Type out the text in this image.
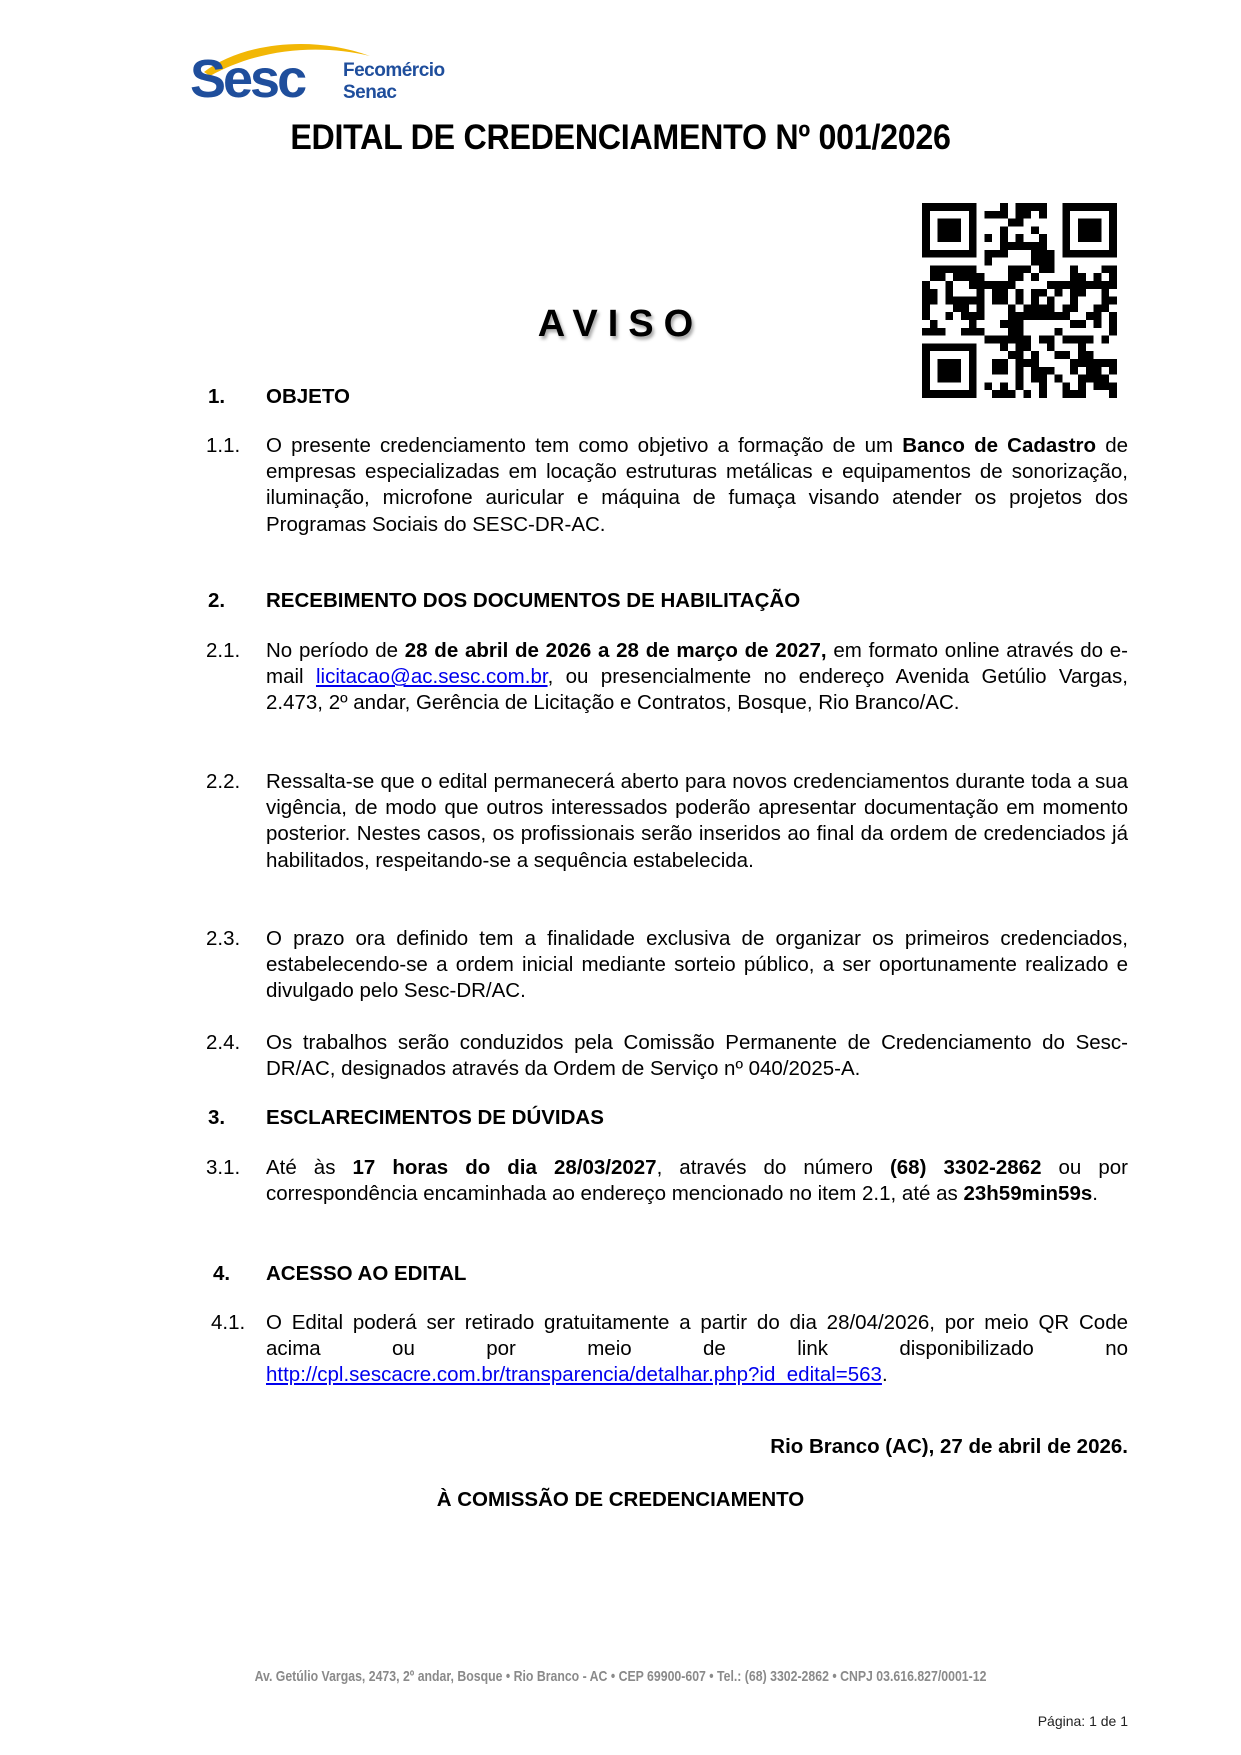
Sesc Fecomércio
Senac
EDITAL DE CREDENCIAMENTO Nº 001/2026
AVISO
1. OBJETO
1.1. O presente credenciamento tem como objetivo a formação de um Banco de Cadastro de empresas especializadas em locação estruturas metálicas e equipamentos de sonorização, iluminação, microfone auricular e máquina de fumaça visando atender os projetos dos Programas Sociais do SESC-DR-AC.
2. RECEBIMENTO DOS DOCUMENTOS DE HABILITAÇÃO
2.1. No período de 28 de abril de 2026 a 28 de março de 2027, em formato online através do e-mail licitacao@ac.sesc.com.br, ou presencialmente no endereço Avenida Getúlio Vargas, 2.473, 2º andar, Gerência de Licitação e Contratos, Bosque, Rio Branco/AC.
2.2. Ressalta-se que o edital permanecerá aberto para novos credenciamentos durante toda a sua vigência, de modo que outros interessados poderão apresentar documentação em momento posterior. Nestes casos, os profissionais serão inseridos ao final da ordem de credenciados já habilitados, respeitando-se a sequência estabelecida.
2.3. O prazo ora definido tem a finalidade exclusiva de organizar os primeiros credenciados, estabelecendo-se a ordem inicial mediante sorteio público, a ser oportunamente realizado e divulgado pelo Sesc-DR/AC.
2.4. Os trabalhos serão conduzidos pela Comissão Permanente de Credenciamento do Sesc-DR/AC, designados através da Ordem de Serviço nº 040/2025-A.
3. ESCLARECIMENTOS DE DÚVIDAS
3.1. Até às 17 horas do dia 28/03/2027, através do número (68) 3302-2862 ou por correspondência encaminhada ao endereço mencionado no item 2.1, até as 23h59min59s.
4. ACESSO AO EDITAL
4.1. O Edital poderá ser retirado gratuitamente a partir do dia 28/04/2026, por meio QR Code acima ou por meio de link disponibilizado no http://cpl.sescacre.com.br/transparencia/detalhar.php?id_edital=563.
Rio Branco (AC), 27 de abril de 2026.
À COMISSÃO DE CREDENCIAMENTO
Av. Getúlio Vargas, 2473, 2º andar, Bosque • Rio Branco - AC • CEP 69900-607 • Tel.: (68) 3302-2862 • CNPJ 03.616.827/0001-12
Página: 1 de 1
